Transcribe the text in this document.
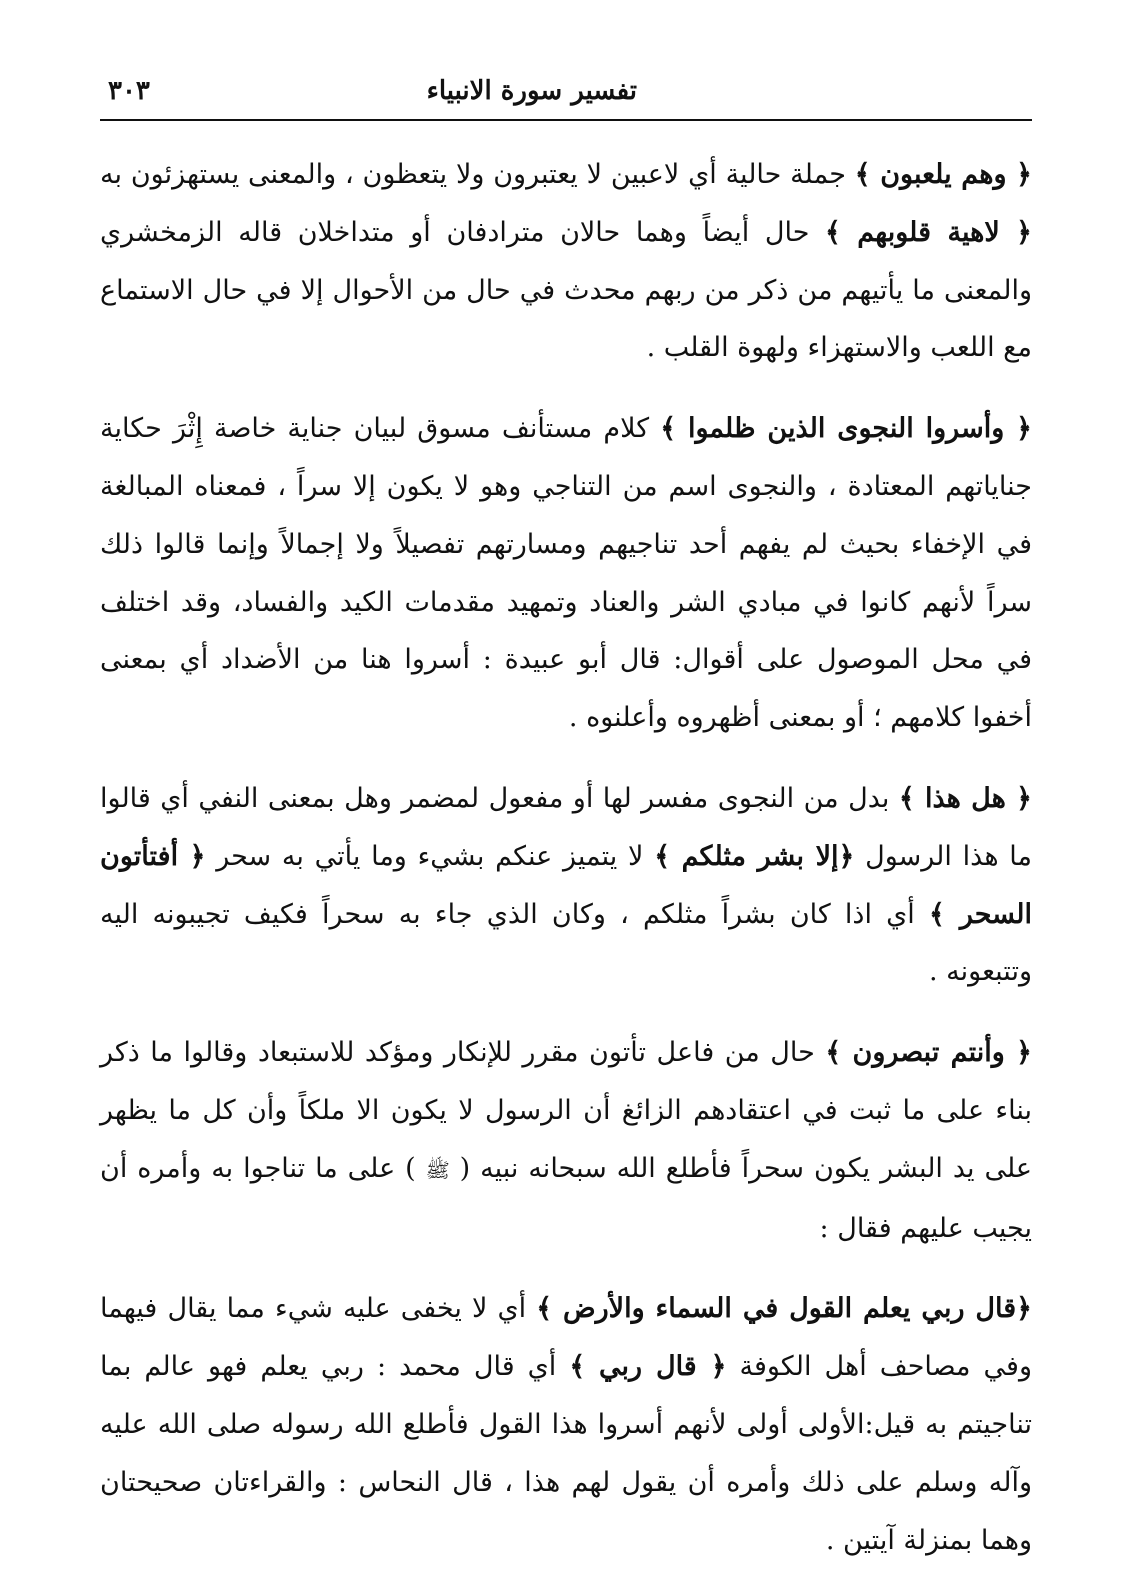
تفسير سورة الانبياء
٣٠٣

﴿ وهم يلعبون ﴾ جملة حالية أي لاعبين لا يعتبرون ولا يتعظون ، والمعنى يستهزئون به ﴿ لاهية قلوبهم ﴾ حال أيضاً وهما حالان مترادفان أو متداخلان قاله الزمخشري والمعنى ما يأتيهم من ذكر من ربهم محدث في حال من الأحوال إلا في حال الاستماع مع اللعب والاستهزاء ولهوة القلب .

﴿ وأسروا النجوى الذين ظلموا ﴾ كلام مستأنف مسوق لبيان جناية خاصة إِثْرَ حكاية جناياتهم المعتادة ، والنجوى اسم من التناجي وهو لا يكون إلا سراً ، فمعناه المبالغة في الإخفاء بحيث لم يفهم أحد تناجيهم ومسارتهم تفصيلاً ولا إجمالاً وإنما قالوا ذلك سراً لأنهم كانوا في مبادي الشر والعناد وتمهيد مقدمات الكيد والفساد، وقد اختلف في محل الموصول على أقوال: قال أبو عبيدة : أسروا هنا من الأضداد أي بمعنى أخفوا كلامهم ؛ أو بمعنى أظهروه وأعلنوه .

﴿ هل هذا ﴾ بدل من النجوى مفسر لها أو مفعول لمضمر وهل بمعنى النفي أي قالوا ما هذا الرسول ﴿إلا بشر مثلكم ﴾ لا يتميز عنكم بشيء وما يأتي به سحر ﴿ أفتأتون السحر ﴾ أي اذا كان بشراً مثلكم ، وكان الذي جاء به سحراً فكيف تجيبونه اليه وتتبعونه .

﴿ وأنتم تبصرون ﴾ حال من فاعل تأتون مقرر للإنكار ومؤكد للاستبعاد وقالوا ما ذكر بناء على ما ثبت في اعتقادهم الزائغ أن الرسول لا يكون الا ملكاً وأن كل ما يظهر على يد البشر يكون سحراً فأطلع الله سبحانه نبيه ( ﷺ ) على ما تناجوا به وأمره أن يجيب عليهم فقال :

﴿قال ربي يعلم القول في السماء والأرض ﴾ أي لا يخفى عليه شيء مما يقال فيهما وفي مصاحف أهل الكوفة ﴿ قال ربي ﴾ أي قال محمد : ربي يعلم فهو عالم بما تناجيتم به قيل:الأولى أولى لأنهم أسروا هذا القول فأطلع الله رسوله صلى الله عليه وآله وسلم على ذلك وأمره أن يقول لهم هذا ، قال النحاس : والقراءتان صحيحتان وهما بمنزلة آيتين .
